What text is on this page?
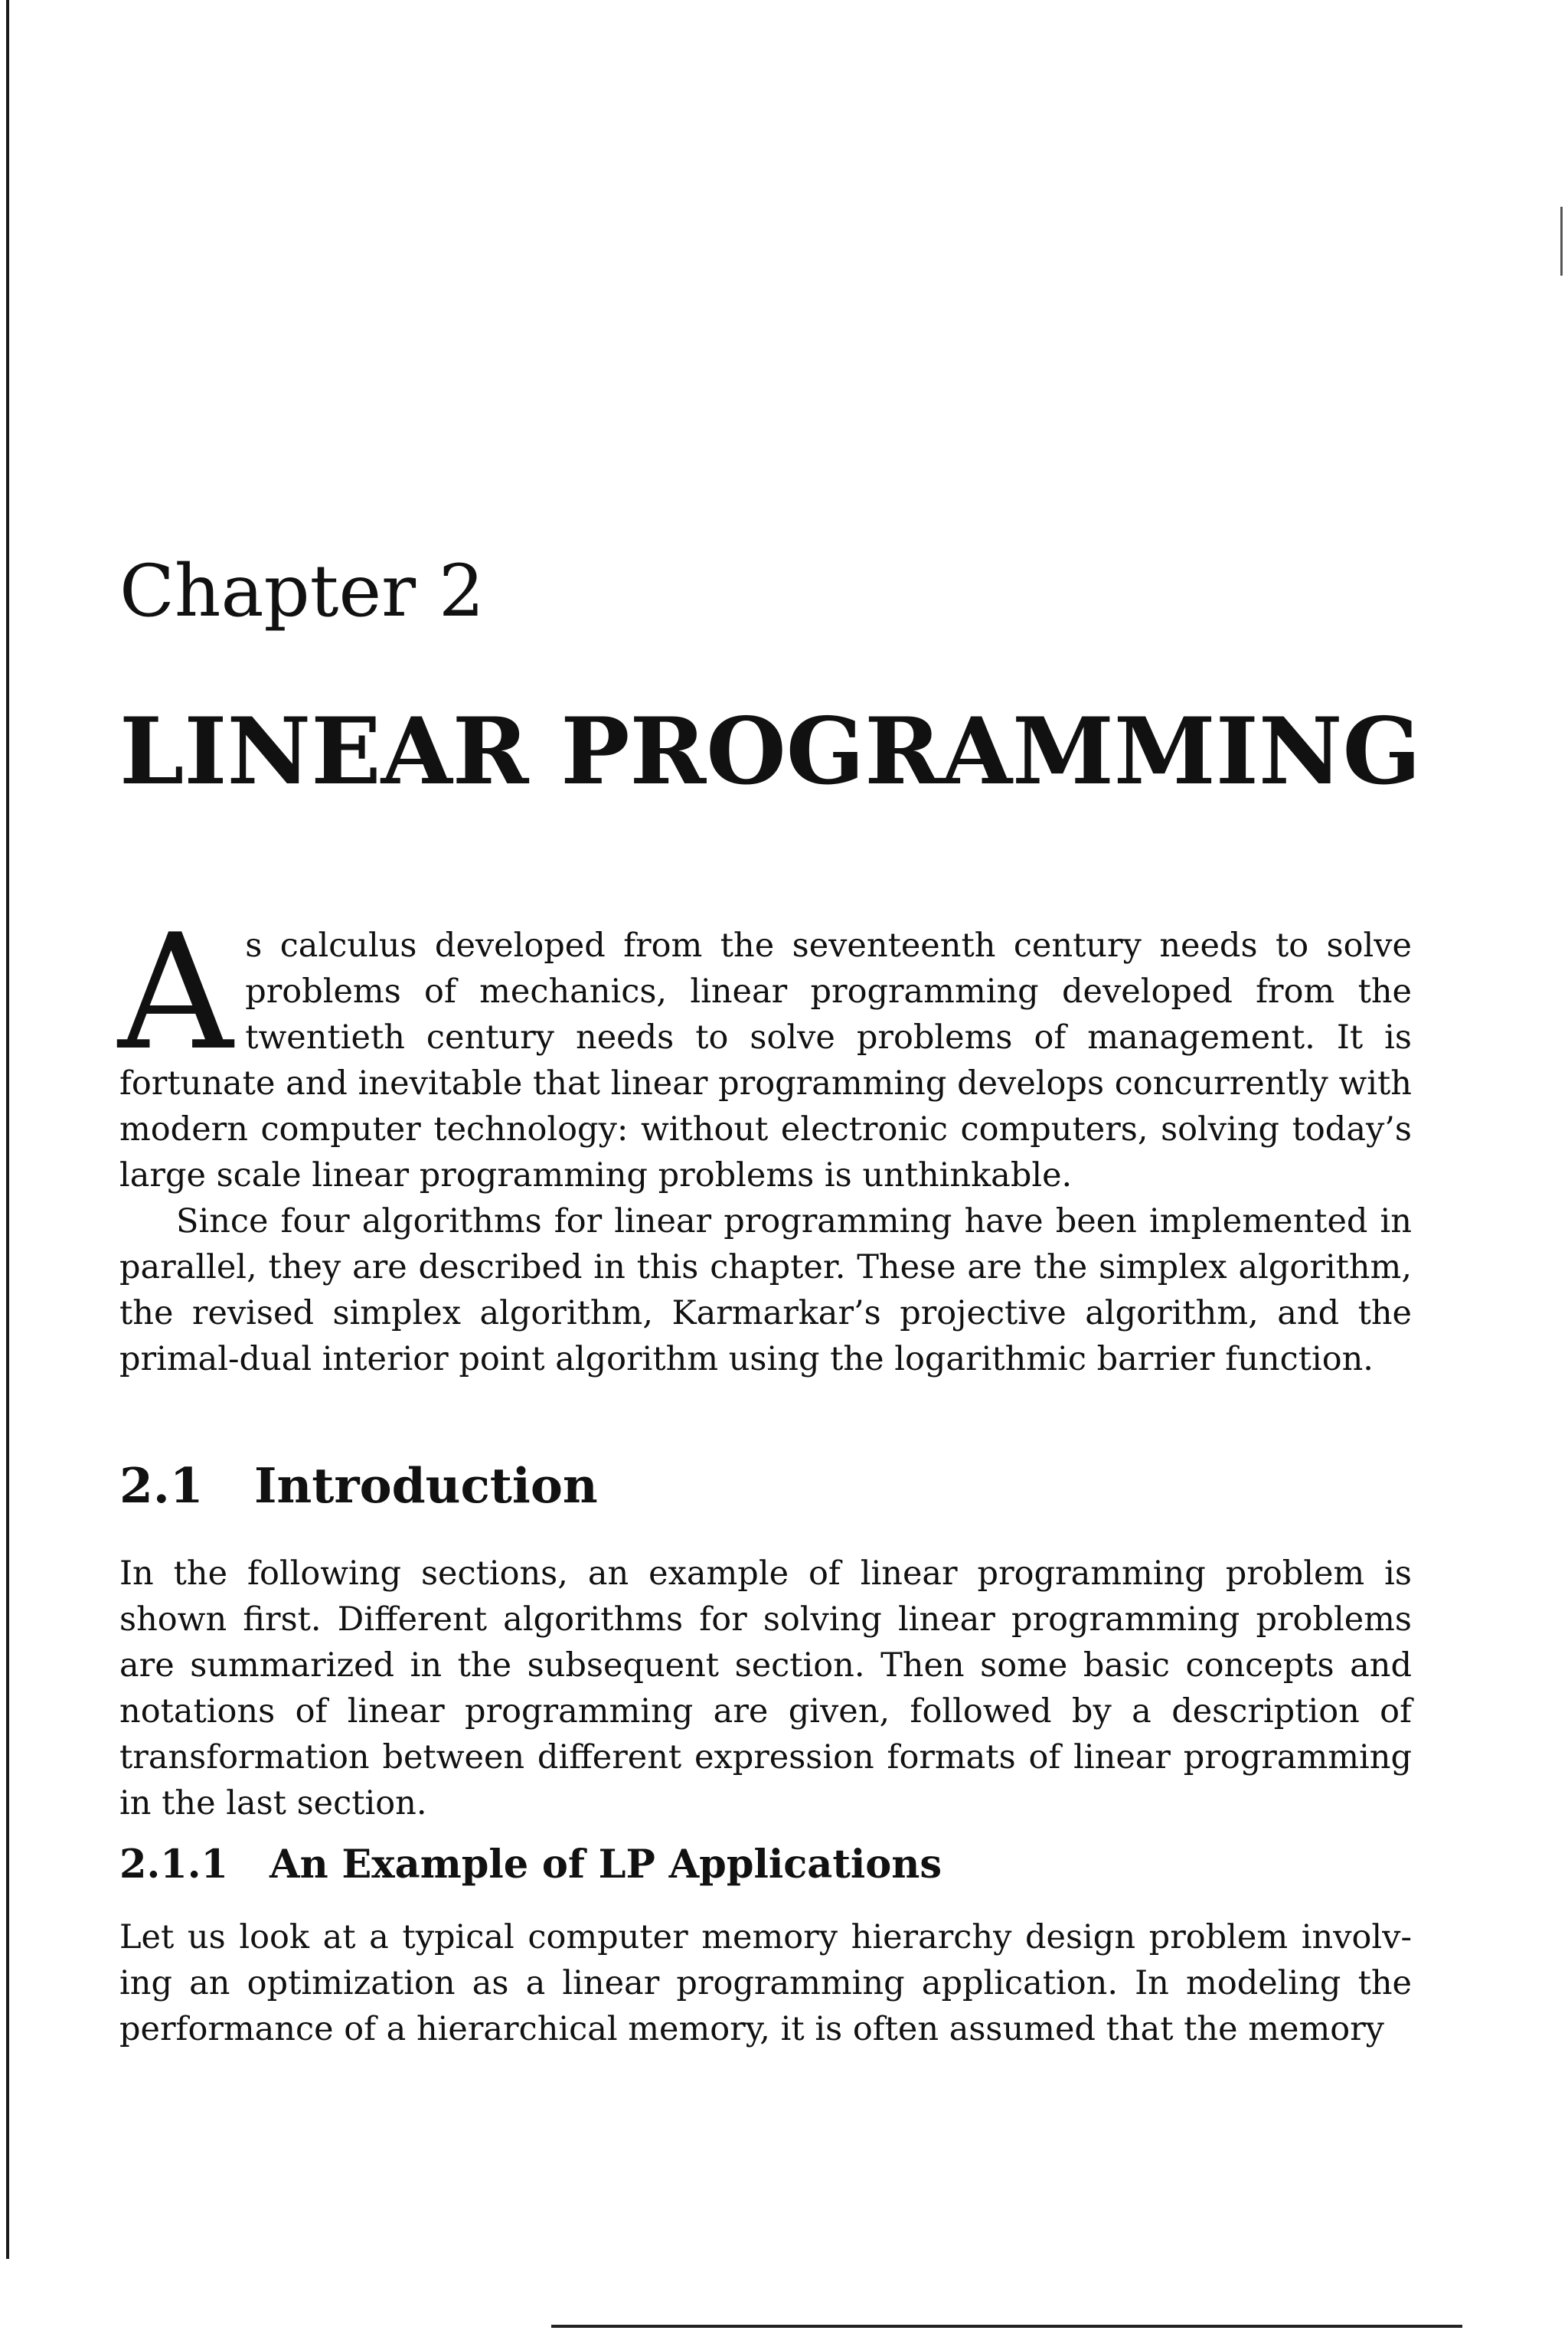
Chapter 2
LINEAR PROGRAMMING

As calculus developed from the seventeenth century needs to solve problems of mechanics, linear programming developed from the twentieth century needs to solve problems of management. It is fortunate and inevitable that linear programming develops concurrently with modern computer technology: without electronic computers, solving today’s large scale linear programming problems is unthinkable.

Since four algorithms for linear programming have been implemented in parallel, they are described in this chapter. These are the simplex algorithm, the revised simplex algorithm, Karmarkar’s projective algorithm, and the primal-dual interior point algorithm using the logarithmic barrier function.

2.1 Introduction

In the following sections, an example of linear programming problem is shown first. Different algorithms for solving linear programming problems are summarized in the subsequent section. Then some basic concepts and notations of linear programming are given, followed by a description of transformation between different expression formats of linear programming in the last section.

2.1.1 An Example of LP Applications

Let us look at a typical computer memory hierarchy design problem involving an optimization as a linear programming application. In modeling the performance of a hierarchical memory, it is often assumed that the memory
